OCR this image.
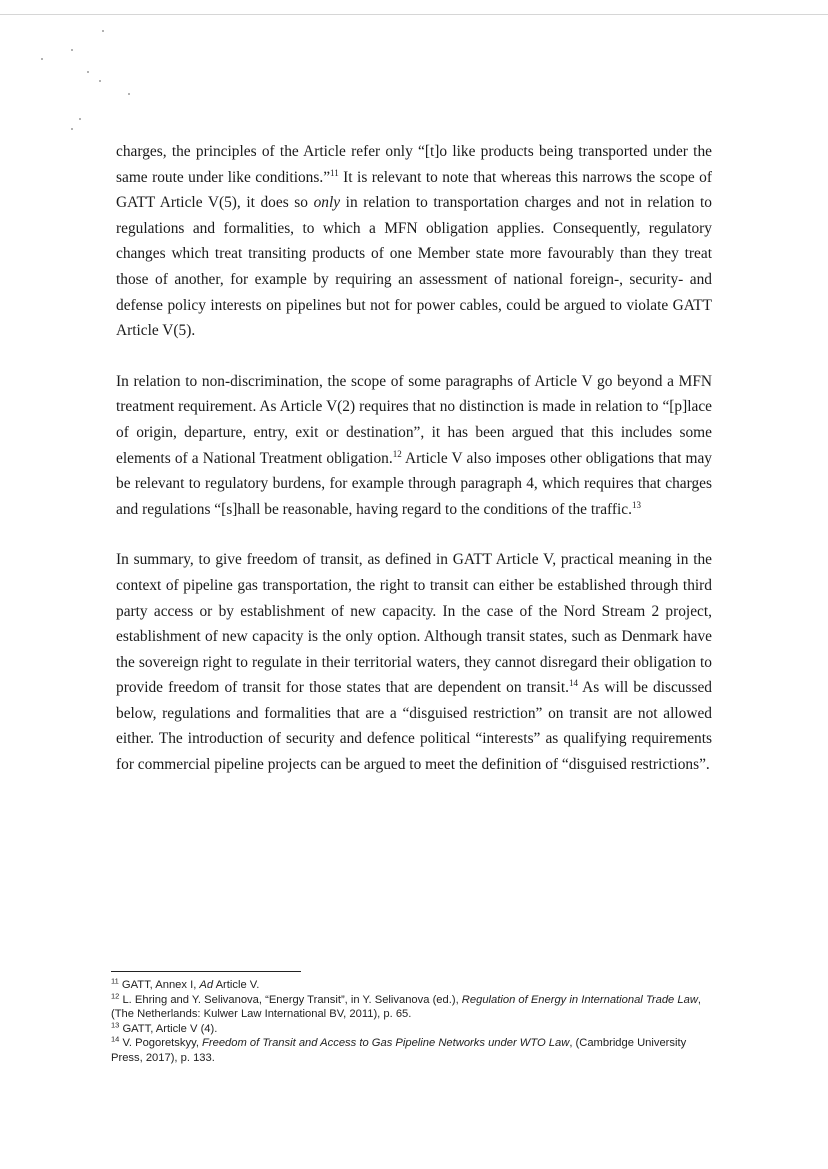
charges, the principles of the Article refer only “[t]o like products being transported under the same route under like conditions.”$^{11}$ It is relevant to note that whereas this narrows the scope of GATT Article V(5), it does so only in relation to transportation charges and not in relation to regulations and formalities, to which a MFN obligation applies. Consequently, regulatory changes which treat transiting products of one Member state more favourably than they treat those of another, for example by requiring an assessment of national foreign-, security- and defense policy interests on pipelines but not for power cables, could be argued to violate GATT Article V(5).

In relation to non-discrimination, the scope of some paragraphs of Article V go beyond a MFN treatment requirement. As Article V(2) requires that no distinction is made in relation to “[p]lace of origin, departure, entry, exit or destination”, it has been argued that this includes some elements of a National Treatment obligation.$^{12}$ Article V also imposes other obligations that may be relevant to regulatory burdens, for example through paragraph 4, which requires that charges and regulations “[s]hall be reasonable, having regard to the conditions of the traffic.$^{13}$

In summary, to give freedom of transit, as defined in GATT Article V, practical meaning in the context of pipeline gas transportation, the right to transit can either be established through third party access or by establishment of new capacity. In the case of the Nord Stream 2 project, establishment of new capacity is the only option. Although transit states, such as Denmark have the sovereign right to regulate in their territorial waters, they cannot disregard their obligation to provide freedom of transit for those states that are dependent on transit.$^{14}$ As will be discussed below, regulations and formalities that are a “disguised restriction” on transit are not allowed either. The introduction of security and defence political “interests” as qualifying requirements for commercial pipeline projects can be argued to meet the definition of “disguised restrictions”.

$^{11}$ GATT, Annex I, Ad Article V.

$^{12}$ L. Ehring and Y. Selivanova, “Energy Transit”, in Y. Selivanova (ed.), Regulation of Energy in International Trade Law, (The Netherlands: Kulwer Law International BV, 2011), p. 65.

$^{13}$ GATT, Article V (4).

$^{14}$ V. Pogoretskyy, Freedom of Transit and Access to Gas Pipeline Networks under WTO Law, (Cambridge University Press, 2017), p. 133.
